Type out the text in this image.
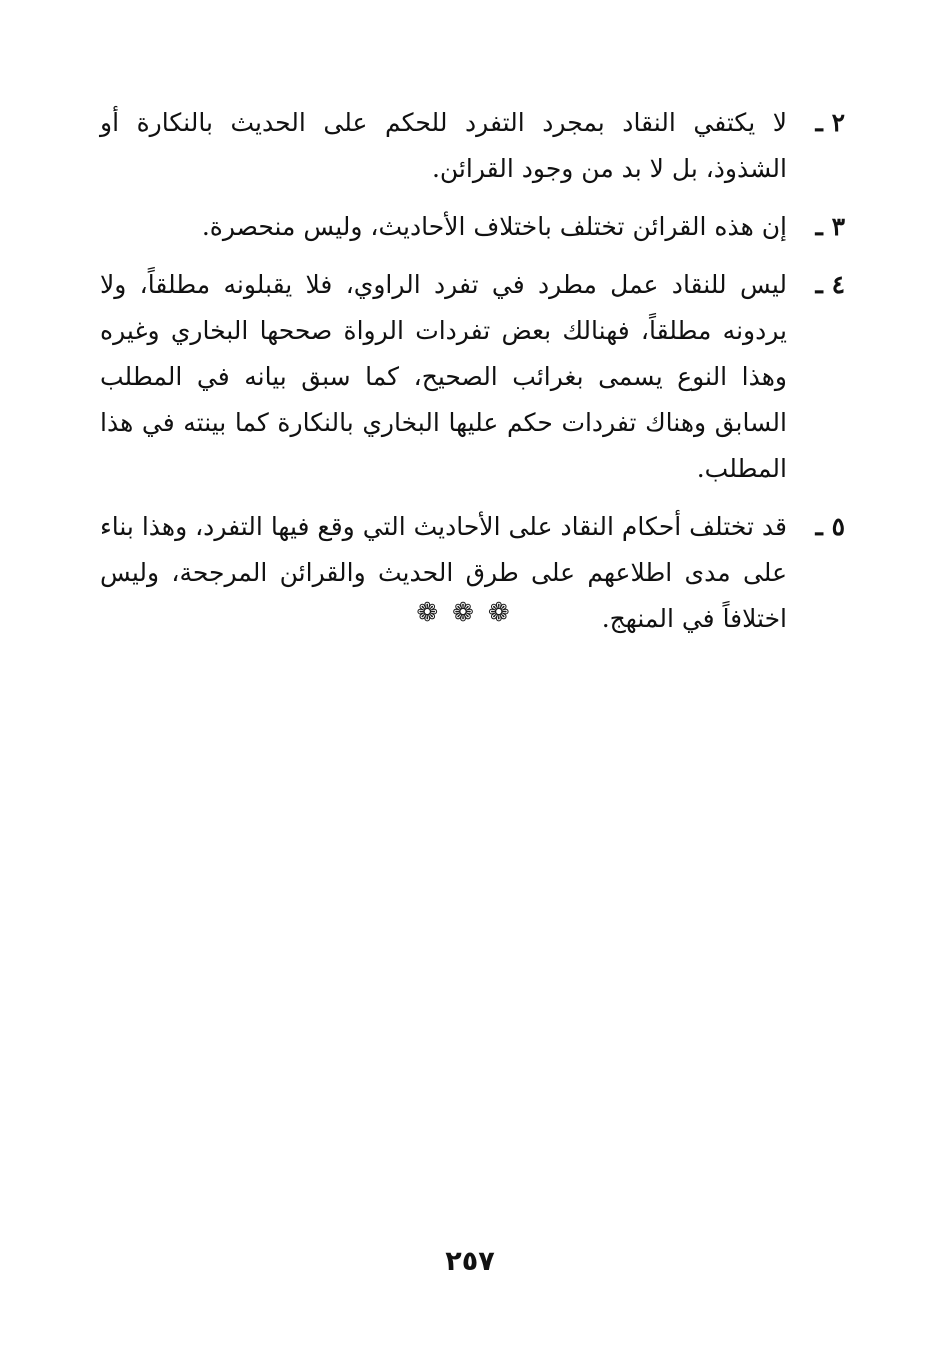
٢ ـ
لا يكتفي النقاد بمجرد التفرد للحكم على الحديث بالنكارة أو الشذوذ، بل لا بد من وجود القرائن.
٣ ـ
إن هذه القرائن تختلف باختلاف الأحاديث، وليس منحصرة.
٤ ـ
ليس للنقاد عمل مطرد في تفرد الراوي، فلا يقبلونه مطلقاً، ولا يردونه مطلقاً، فهنالك بعض تفردات الرواة صححها البخاري وغيره وهذا النوع يسمى بغرائب الصحيح، كما سبق بيانه في المطلب السابق وهناك تفردات حكم عليها البخاري بالنكارة كما بينته في هذا المطلب.
٥ ـ
قد تختلف أحكام النقاد على الأحاديث التي وقع فيها التفرد، وهذا بناء على مدى اطلاعهم على طرق الحديث والقرائن المرجحة، وليس اختلافاً في المنهج.
❁❁❁
٢٥٧
